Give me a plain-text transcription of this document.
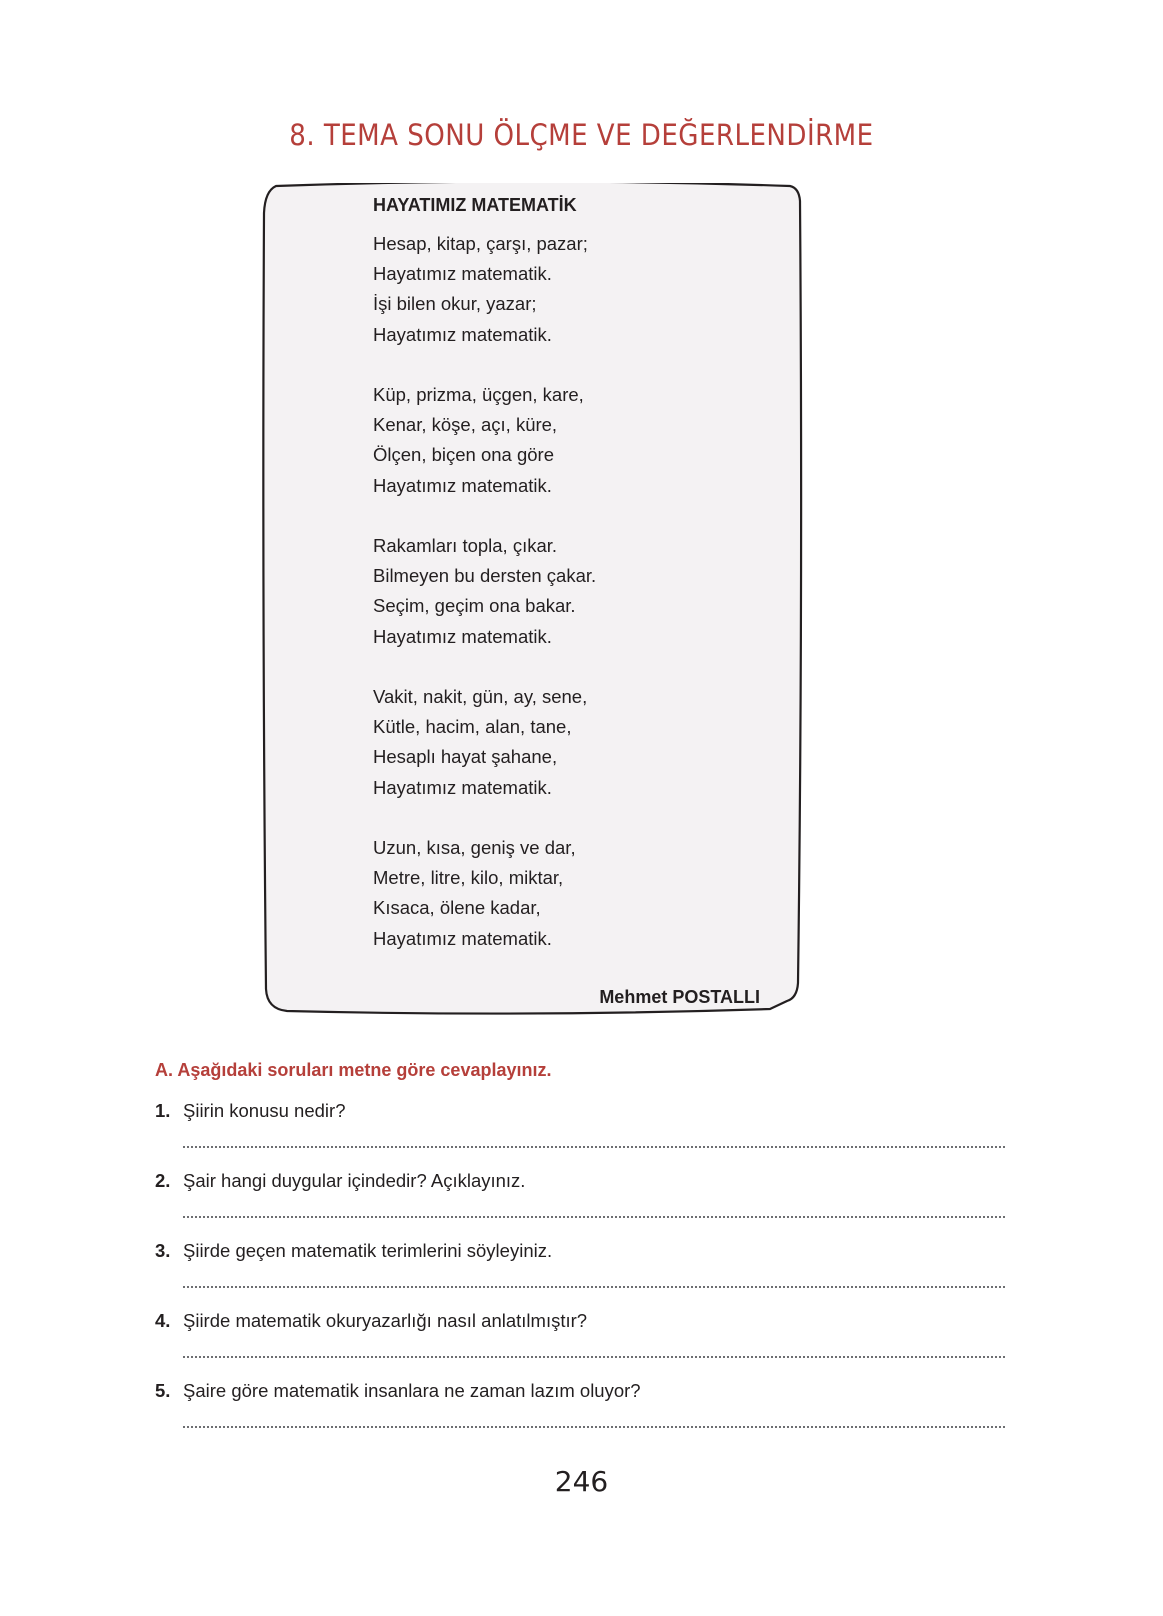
8. TEMA SONU ÖLÇME VE DEĞERLENDİRME
HAYATIMIZ MATEMATİK
Hesap, kitap, çarşı, pazar;
Hayatımız matematik.
İşi bilen okur, yazar;
Hayatımız matematik.
Küp, prizma, üçgen, kare,
Kenar, köşe, açı, küre,
Ölçen, biçen ona göre
Hayatımız matematik.
Rakamları topla, çıkar.
Bilmeyen bu dersten çakar.
Seçim, geçim ona bakar.
Hayatımız matematik.
Vakit, nakit, gün, ay, sene,
Kütle, hacim, alan, tane,
Hesaplı hayat şahane,
Hayatımız matematik.
Uzun, kısa, geniş ve dar,
Metre, litre, kilo, miktar,
Kısaca, ölene kadar,
Hayatımız matematik.
Mehmet POSTALLI
A. Aşağıdaki soruları metne göre cevaplayınız.
1. Şiirin konusu nedir?
2. Şair hangi duygular içindedir? Açıklayınız.
3. Şiirde geçen matematik terimlerini söyleyiniz.
4. Şiirde matematik okuryazarlığı nasıl anlatılmıştır?
5. Şaire göre matematik insanlara ne zaman lazım oluyor?
246
